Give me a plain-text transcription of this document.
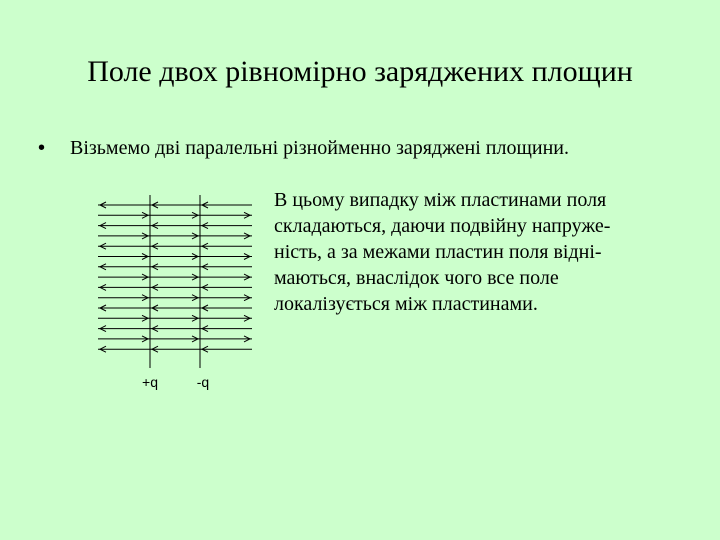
Поле двох рівномірно заряджених площин
• Візьмемо дві паралельні різнойменно заряджені площини.
+q	-q
В цьому випадку між пластинами поля
складаються, даючи подвійну напруже-
ність, а за межами пластин поля відні-
маються, внаслідок чого все поле
локалізується між пластинами.
